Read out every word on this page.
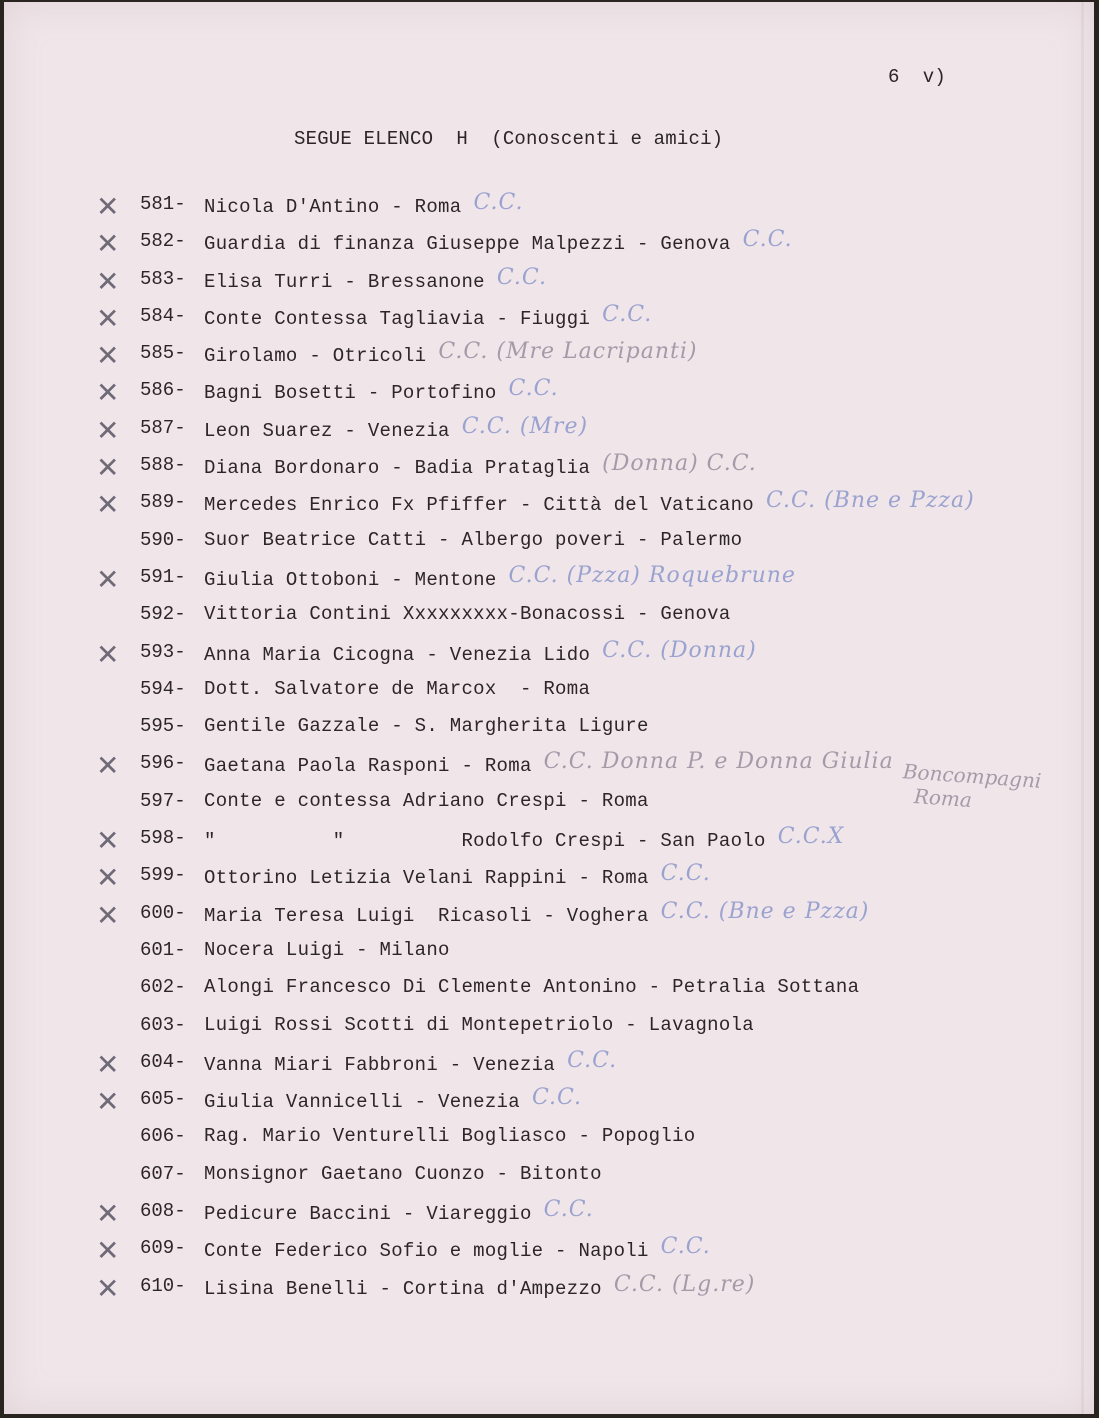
6  v)
SEGUE ELENCO  H  (Conoscenti e amici)
✕	581- Nicola D'Antino - Roma C.C.
✕	582- Guardia di finanza Giuseppe Malpezzi - Genova C.C.
✕	583- Elisa Turri - Bressanone C.C.
✕	584- Conte Contessa Tagliavia - Fiuggi C.C.
✕	585- Girolamo - Otricoli C.C. (Mre Lacripanti)
✕	586- Bagni Bosetti - Portofino C.C.
✕	587- Leon Suarez - Venezia C.C. (Mre)
✕	588- Diana Bordonaro - Badia Prataglia (Donna) C.C.
✕	589- Mercedes Enrico Fx Pfiffer - Città del Vaticano C.C. (Bne e Pzza)
590- Suor Beatrice Catti - Albergo poveri - Palermo
✕	591- Giulia Ottoboni - Mentone C.C. (Pzza) Roquebrune
592- Vittoria Contini Xxxxxxxxx-Bonacossi - Genova
✕	593- Anna Maria Cicogna - Venezia Lido C.C. (Donna)
594- Dott. Salvatore de Marcox  - Roma
595- Gentile Gazzale - S. Margherita Ligure
✕	596- Gaetana Paola Rasponi - Roma C.C. Donna P. e Donna Giulia
597- Conte e contessa Adriano Crespi - Roma
✕	598- "          "          Rodolfo Crespi - San Paolo C.C.X
✕	599- Ottorino Letizia Velani Rappini - Roma C.C.
✕	600- Maria Teresa Luigi  Ricasoli - Voghera C.C. (Bne e Pzza)
601- Nocera Luigi - Milano
602- Alongi Francesco Di Clemente Antonino - Petralia Sottana
603- Luigi Rossi Scotti di Montepetriolo - Lavagnola
✕	604- Vanna Miari Fabbroni - Venezia C.C.
✕	605- Giulia Vannicelli - Venezia C.C.
606- Rag. Mario Venturelli Bogliasco - Popoglio
607- Monsignor Gaetano Cuonzo - Bitonto
✕	608- Pedicure Baccini - Viareggio C.C.
✕	609- Conte Federico Sofio e moglie - Napoli C.C.
✕	610- Lisina Benelli - Cortina d'Ampezzo C.C. (Lg.re)
Boncompagni
Roma
